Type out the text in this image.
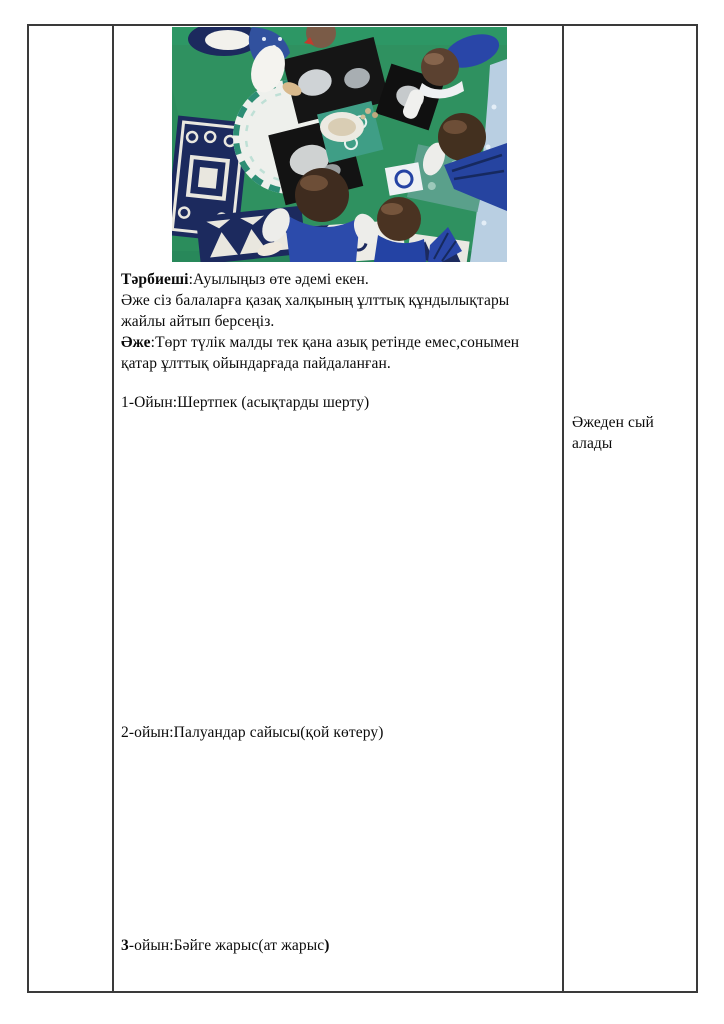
Тәрбиеші:Ауылыңыз өте әдемі екен.
Әже сіз балаларға қазақ халқының ұлттық құндылықтары
жайлы айтып берсеңіз.
Әже:Төрт түлік малды тек қана азық ретінде емес,сонымен
қатар ұлттық ойындарғада пайдаланған.

1-Ойын:Шертпек (асықтарды шерту)

2-ойын:Палуандар сайысы(қой көтеру)

3-ойын:Бәйге жарыс(ат жарыс)

Әжеден сый
алады
